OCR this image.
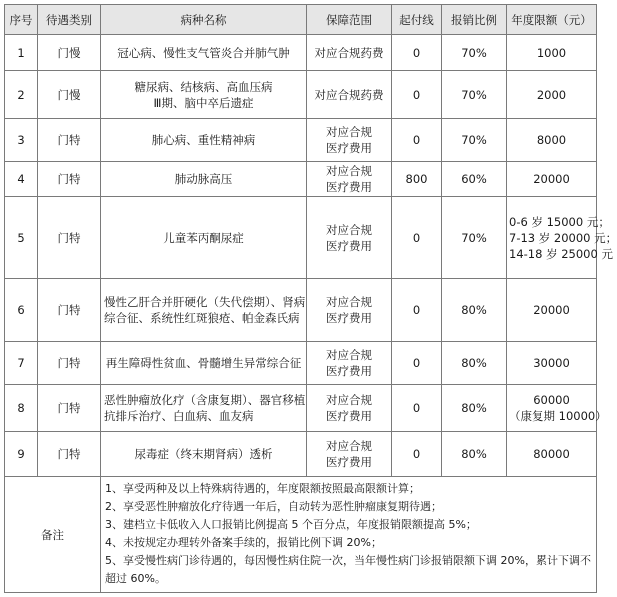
序号	待遇类别	病种名称	保障范围	起付线	报销比例	年度限额（元）
1	门慢	冠心病、慢性支气管炎合并肺气肿	对应合规药费	0	70%	1000

2	门慢	糖尿病、结核病、高血压病
Ⅲ期、脑中卒后遗症	对应合规药费	0	70%	2000

3	门特	肺心病、重性精神病	对应合规
医疗费用	0	70%	8000

4	门特	肺动脉高压	对应合规
医疗费用	800	60%	20000

5	门特	儿童苯丙酮尿症	对应合规
医疗费用	0	70%	0-6 岁 15000 元；
7-13 岁 20000 元；
14-18 岁 25000 元

6	门特	慢性乙肝合并肝硬化（失代偿期）、肾病
综合征、系统性红斑狼疮、帕金森氏病	对应合规
医疗费用	0	80%	20000

7	门特	再生障碍性贫血、骨髓增生异常综合征	对应合规
医疗费用	0	80%	30000

8	门特	恶性肿瘤放化疗（含康复期）、器官移植
抗排斥治疗、白血病、血友病	对应合规
医疗费用	0	80%	60000
（康复期 10000）

9	门特	尿毒症（终末期肾病）透析	对应合规
医疗费用	0	80%	80000

备注		1、享受两种及以上特殊病待遇的，年度限额按照最高限额计算；
2、享受恶性肿瘤放化疗待遇一年后，自动转为恶性肿瘤康复期待遇；
3、建档立卡低收入人口报销比例提高 5 个百分点，年度报销限额提高 5%；
4、未按规定办理转外备案手续的，报销比例下调 20%；
5、享受慢性病门诊待遇的，每因慢性病住院一次，当年慢性病门诊报销限额下调 20%，累计下调不超过 60%。				
